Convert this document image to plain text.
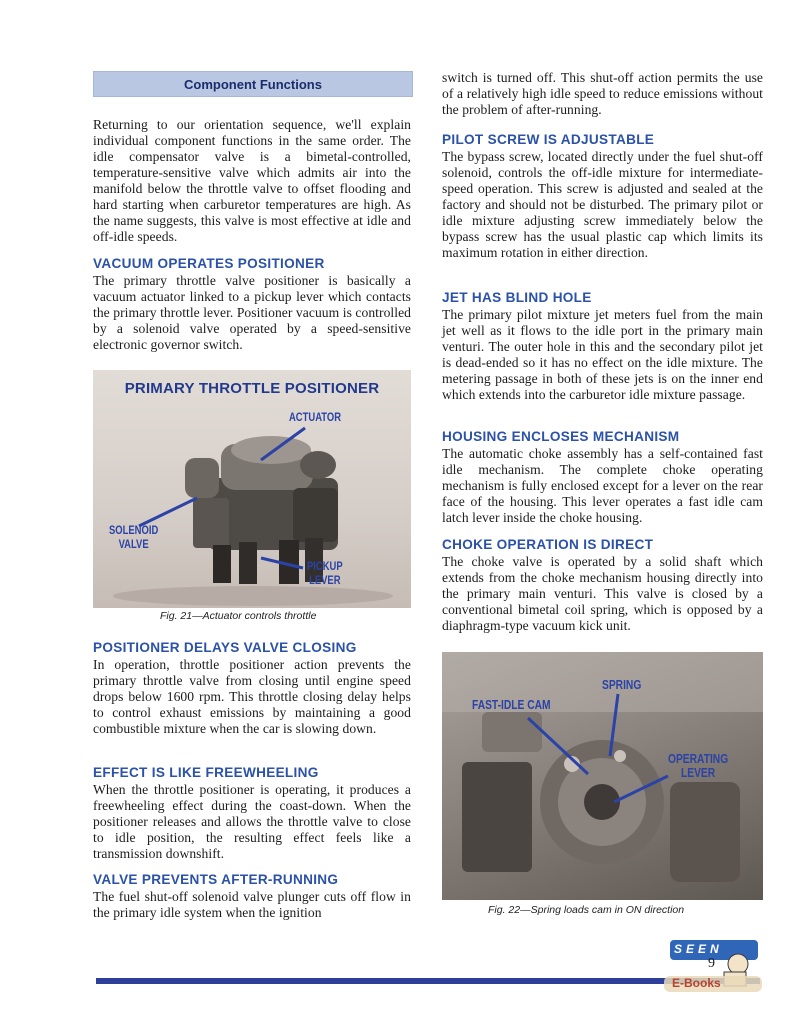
Component Functions

Returning to our orientation sequence, we'll explain individual component functions in the same order. The idle compensator valve is a bimetal-controlled, temperature-sensitive valve which admits air into the manifold below the throttle valve to offset flooding and hard starting when carburetor temperatures are high. As the name suggests, this valve is most effective at idle and off-idle speeds.

VACUUM OPERATES POSITIONER

The primary throttle valve positioner is basically a vacuum actuator linked to a pickup lever which contacts the primary throttle lever. Positioner vacuum is controlled by a solenoid valve operated by a speed-sensitive electronic governor switch.

PRIMARY THROTTLE POSITIONER
ACTUATOR
SOLENOID
VALVE
PICKUP
LEVER
Fig. 21—Actuator controls throttle
POSITIONER DELAYS VALVE CLOSING

In operation, throttle positioner action prevents the primary throttle valve from closing until engine speed drops below 1600 rpm. This throttle closing delay helps to control exhaust emissions by maintaining a good combustible mixture when the car is slowing down.

EFFECT IS LIKE FREEWHEELING

When the throttle positioner is operating, it produces a freewheeling effect during the coast-down. When the positioner releases and allows the throttle valve to close to idle position, the resulting effect feels like a transmission downshift.

VALVE PREVENTS AFTER-RUNNING

The fuel shut-off solenoid valve plunger cuts off flow in the primary idle system when the ignition

switch is turned off. This shut-off action permits the use of a relatively high idle speed to reduce emissions without the problem of after-running.

PILOT SCREW IS ADJUSTABLE

The bypass screw, located directly under the fuel shut-off solenoid, controls the off-idle mixture for intermediate-speed operation. This screw is adjusted and sealed at the factory and should not be disturbed. The primary pilot or idle mixture adjusting screw immediately below the bypass screw has the usual plastic cap which limits its maximum rotation in either direction.

JET HAS BLIND HOLE

The primary pilot mixture jet meters fuel from the main jet well as it flows to the idle port in the primary main venturi. The outer hole in this and the secondary pilot jet is dead-ended so it has no effect on the idle mixture. The metering passage in both of these jets is on the inner end which extends into the carburetor idle mixture passage.

HOUSING ENCLOSES MECHANISM

The automatic choke assembly has a self-contained fast idle mechanism. The complete choke operating mechanism is fully enclosed except for a lever on the rear face of the housing. This lever operates a fast idle cam latch lever inside the choke housing.

CHOKE OPERATION IS DIRECT

The choke valve is operated by a solid shaft which extends from the choke mechanism housing directly into the primary main venturi. This valve is closed by a conventional bimetal coil spring, which is opposed by a diaphragm-type vacuum kick unit.

SPRING
FAST-IDLE CAM
OPERATING
LEVER
Fig. 22—Spring loads cam in ON direction
SEEN
9
E-Books
